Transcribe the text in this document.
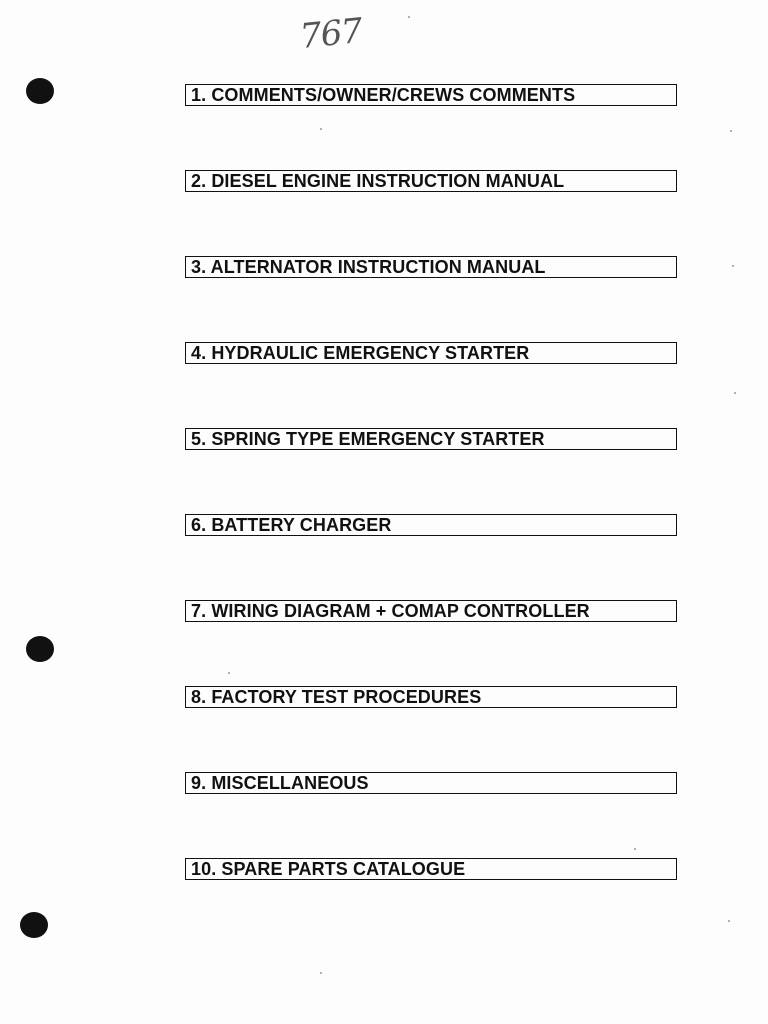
767
1. COMMENTS/OWNER/CREWS COMMENTS
2. DIESEL ENGINE INSTRUCTION MANUAL
3. ALTERNATOR INSTRUCTION MANUAL
4. HYDRAULIC EMERGENCY STARTER
5. SPRING TYPE EMERGENCY STARTER
6. BATTERY CHARGER
7. WIRING DIAGRAM + COMAP CONTROLLER
8. FACTORY TEST PROCEDURES
9. MISCELLANEOUS
10. SPARE PARTS CATALOGUE
